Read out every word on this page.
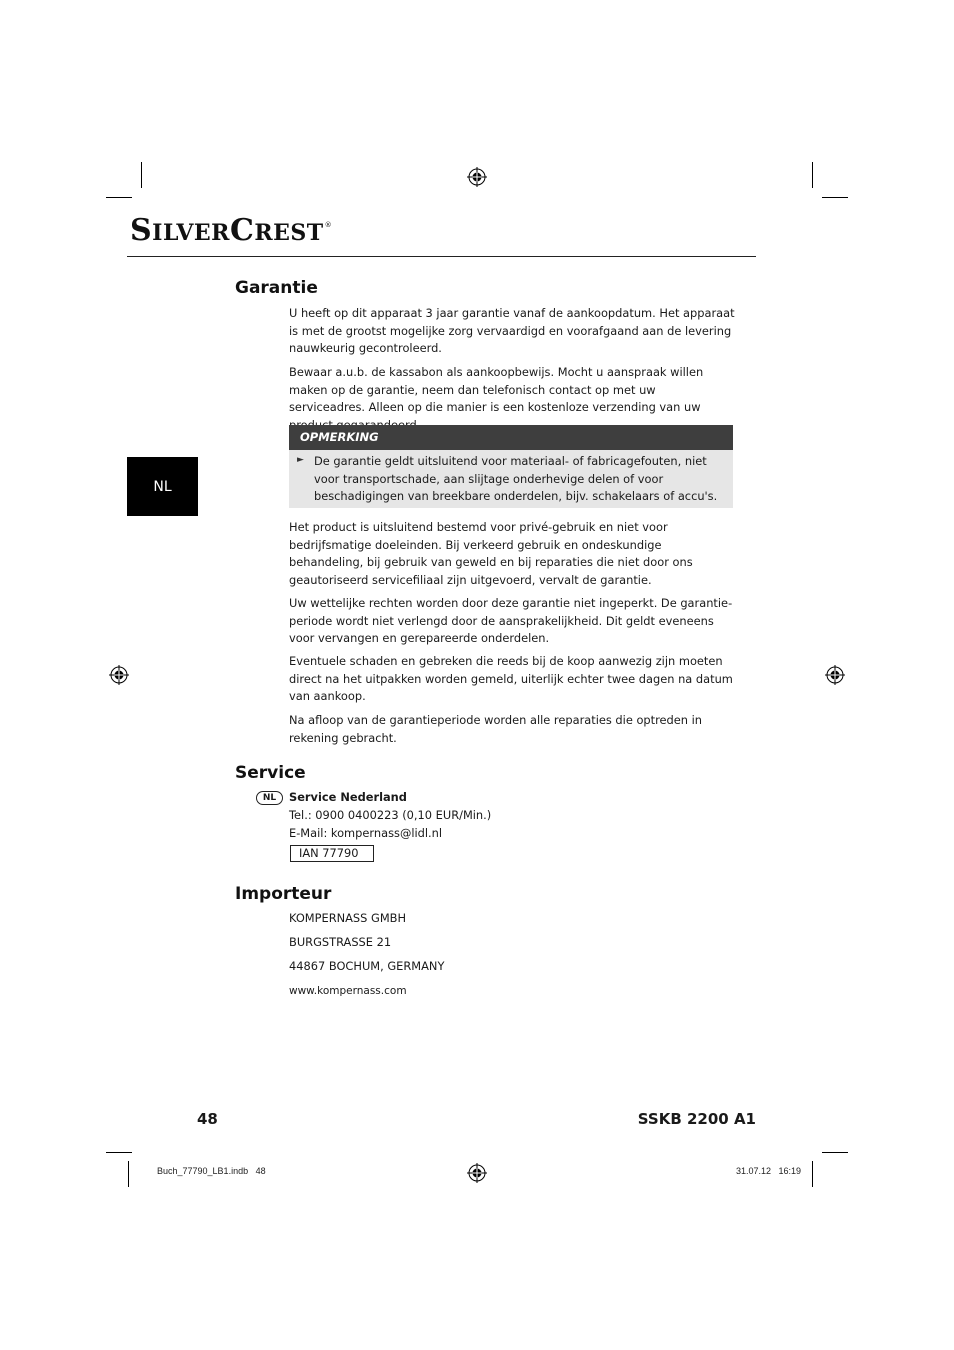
SILVERCREST®
NL
Garantie

U heeft op dit apparaat 3 jaar garantie vanaf de aankoopdatum. Het apparaat is met de grootst mogelijke zorg vervaardigd en voorafgaand aan de levering nauwkeurig gecontroleerd.

Bewaar a.u.b. de kassabon als aankoopbewijs. Mocht u aanspraak willen maken op de garantie, neem dan telefonisch contact op met uw serviceadres. Alleen op die manier is een kostenloze verzending van uw

OPMERKING
► De garantie geldt uitsluitend voor materiaal- of fabricagefouten, niet voor transportschade, aan slijtage onderhevige delen of voor beschadigingen van breekbare onderdelen, bijv. schakelaars of accu's.

Het product is uitsluitend bestemd voor privé-gebruik en niet voor bedrijfsmatige doeleinden. Bij verkeerd gebruik en ondeskundige behandeling, bij gebruik van geweld en bij reparaties die niet door ons geautoriseerd servicefiliaal zijn uitgevoerd, vervalt de garantie.

Uw wettelijke rechten worden door deze garantie niet ingeperkt. De garantieperiode wordt niet verlengd door de aansprakelijkheid. Dit geldt eveneens voor vervangen en gerepareerde onderdelen.

Eventuele schaden en gebreken die reeds bij de koop aanwezig zijn moeten direct na het uitpakken worden gemeld, uiterlijk echter twee dagen na datum van aankoop.

Na afloop van de garantieperiode worden alle reparaties die optreden in rekening gebracht.

Service
NL	Service Nederland
Tel.: 0900 0400223 (0,10 EUR/Min.)
E-Mail: kompernass@lidl.nl
IAN 77790
Importeur
KOMPERNASS GMBH
BURGSTRASSE 21
44867 BOCHUM, GERMANY
www.kompernass.com
48	SSKB 2200 A1
Buch_77790_LB1.indb   48	31.07.12   16:19
